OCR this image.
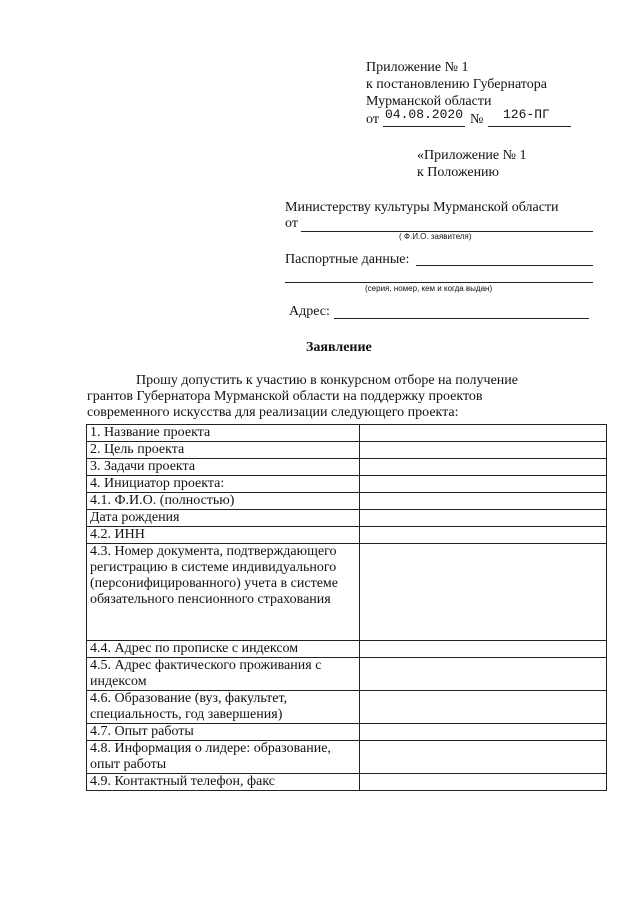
Приложение № 1
к постановлению Губернатора
Мурманской области
от 04.08.2020 № 126-ПГ
«Приложение № 1
к Положению
Министерству культуры Мурманской области
от
( Ф.И.О. заявителя)
Паспортные данные:
(серия, номер, кем и когда выдан)
Адрес:
Заявление
Прошу допустить к участию в конкурсном отборе на получение
грантов Губернатора Мурманской области на поддержку проектов
современного искусства для реализации следующего проекта:
1. Название проекта	
2. Цель проекта	
3. Задачи проекта	
4. Инициатор проекта:	
4.1. Ф.И.О. (полностью)	
Дата рождения	
4.2. ИНН	
4.3. Номер документа, подтверждающего регистрацию в системе индивидуального (персонифицированного) учета в системе обязательного пенсионного страхования	
4.4. Адрес по прописке с индексом	
4.5. Адрес фактического проживания с индексом	
4.6. Образование (вуз, факультет, специальность, год завершения)	
4.7. Опыт работы	
4.8. Информация о лидере: образование, опыт работы	
4.9. Контактный телефон, факс	
